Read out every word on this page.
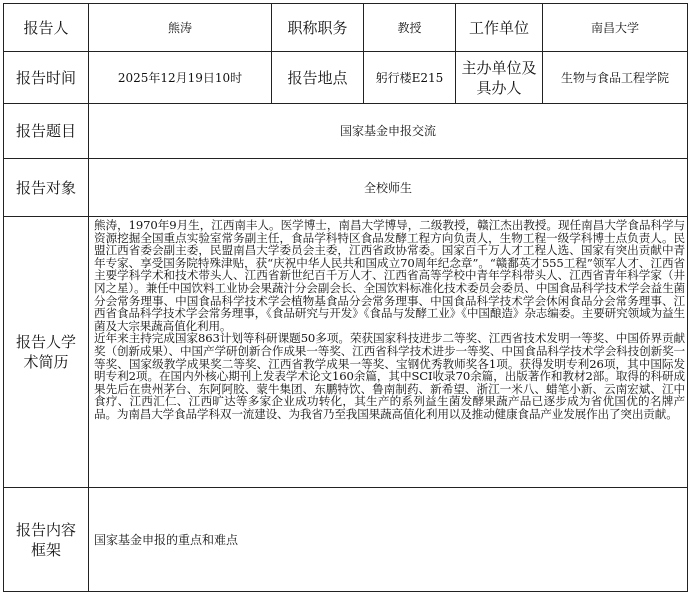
报告人	熊涛	职称职务	教授	工作单位	南昌大学
报告时间	2025年12月19日10时	报告地点	躬行楼E215	主办单位及具办人	生物与食品工程学院
报告题目	国家基金申报交流				
报告对象	全校师生				
报告人学术简历	熊涛，1970年9月生，江西南丰人。医学博士，南昌大学博导，二级教授，赣江杰出教授。现任南昌大学食品科学与资源挖掘全国重点实验室常务副主任，食品学科特区食品发酵工程方向负责人，生物工程一级学科博士点负责人。民盟江西省委会副主委，民盟南昌大学委员会主委，江西省政协常委。国家百千万人才工程人选、国家有突出贡献中青年专家、享受国务院特殊津贴，获“庆祝中华人民共和国成立70周年纪念章”。“赣鄱英才555工程”领军人才、江西省主要学科学术和技术带头人、江西省新世纪百千万人才、江西省高等学校中青年学科带头人、江西省青年科学家（井冈之星）。兼任中国饮料工业协会果蔬汁分会副会长、全国饮料标准化技术委员会委员、中国食品科学技术学会益生菌分会常务理事、中国食品科学技术学会植物基食品分会常务理事、中国食品科学技术学会休闲食品分会常务理事、江西省食品科学技术学会常务理事，《食品研究与开发》《食品与发酵工业》《中国酿造》杂志编委。主要研究领域为益生菌及大宗果蔬高值化利用。

近年来主持完成国家863计划等科研课题50多项。荣获国家科技进步二等奖、江西省技术发明一等奖、中国侨界贡献奖（创新成果）、中国产学研创新合作成果一等奖、江西省科学技术进步一等奖、中国食品科学技术学会科技创新奖一等奖、国家级教学成果奖二等奖、江西省教学成果一等奖、宝钢优秀教师奖各1项。获得发明专利26项，其中国际发明专利2项。在国内外核心期刊上发表学术论文160余篇，其中SCI收录70余篇，出版著作和教材2部。取得的科研成果先后在贵州茅台、东阿阿胶、蒙牛集团、东鹏特饮、鲁南制药、新希望、浙江一米八、蜡笔小新、云南宏斌、江中食疗、江西汇仁、江西旷达等多家企业成功转化，其生产的系列益生菌发酵果蔬产品已逐步成为省优国优的名牌产品。为南昌大学食品学科双一流建设、为我省乃至我国果蔬高值化利用以及推动健康食品产业发展作出了突出贡献。				

报告内容框架	国家基金申报的重点和难点				
